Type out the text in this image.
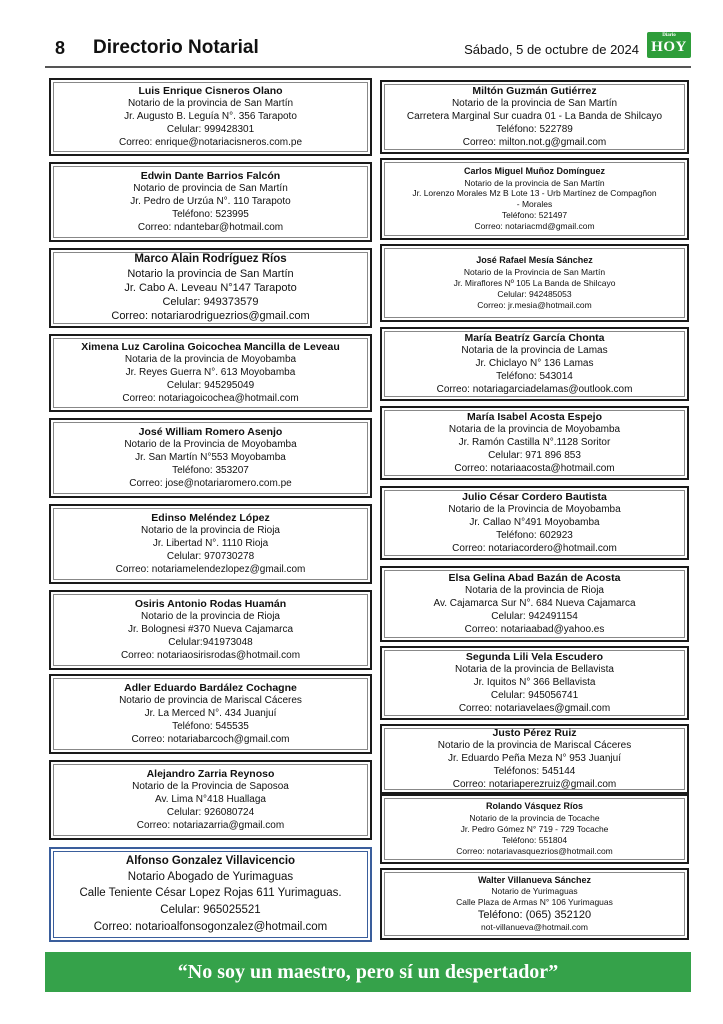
8 Directorio Notarial	Sábado, 5 de octubre de 2024
Diario
HOY
Luis Enrique Cisneros Olano
Notario de la provincia de San Martín
Jr. Augusto B. Leguía N°. 356 Tarapoto
Celular: 999428301
Correo: enrique@notariacisneros.com.pe
Edwin Dante Barrios Falcón
Notario de provincia de San Martín
Jr. Pedro de Urzúa N°. 110 Tarapoto
Teléfono: 523995
Correo: ndantebar@hotmail.com
Marco Alain Rodríguez Ríos
Notario la provincia de San Martín
Jr. Cabo A. Leveau N°147 Tarapoto
Celular: 949373579
Correo: notariarodriguezrios@gmail.com
Ximena Luz Carolina Goicochea Mancilla de Leveau
Notaria de la provincia de Moyobamba
Jr. Reyes Guerra N°. 613 Moyobamba
Celular: 945295049
Correo: notariagoicochea@hotmail.com
José William Romero Asenjo
Notario de la Provincia de Moyobamba
Jr. San Martín N°553 Moyobamba
Teléfono: 353207
Correo: jose@notariaromero.com.pe
Edinso Meléndez López
Notario de la provincia de Rioja
Jr. Libertad N°. 1110 Rioja
Celular: 970730278
Correo: notariamelendezlopez@gmail.com
Osiris Antonio Rodas Huamán
Notario de la provincia de Rioja
Jr. Bolognesi #370 Nueva Cajamarca
Celular:941973048
Correo: notariaosirisrodas@hotmail.com
Adler Eduardo Bardález Cochagne
Notario de provincia de Mariscal Cáceres
Jr. La Merced N°. 434 Juanjuí
Teléfono: 545535
Correo: notariabarcoch@gmail.com
Alejandro Zarria Reynoso
Notario de la Provincia de Saposoa
Av. Lima N°418 Huallaga
Celular: 926080724
Correo: notariazarria@gmail.com
Alfonso Gonzalez Villavicencio
Notario Abogado de Yurimaguas
Calle Teniente César Lopez Rojas 611 Yurimaguas.
Celular: 965025521
Correo: notarioalfonsogonzalez@hotmail.com
Miltón Guzmán Gutiérrez
Notario de la provincia de San Martín
Carretera Marginal Sur cuadra 01 - La Banda de Shilcayo
Teléfono: 522789
Correo: milton.not.g@gmail.com
Carlos Miguel Muñoz Domínguez
Notario de la provincia de San Martín
Jr. Lorenzo Morales Mz B Lote 13 - Urb Martínez de Compagñon
- Morales
Teléfono: 521497
Correo: notariacmd@gmail.com
José Rafael Mesía Sánchez
Notario de la Provincia de San Martín
Jr. Miraflores Nº 105 La Banda de Shilcayo
Celular: 942485053
Correo: jr.mesia@hotmail.com
María Beatríz García Chonta
Notaria de la provincia de Lamas
Jr. Chiclayo N° 136 Lamas
Teléfono: 543014
Correo: notariagarciadelamas@outlook.com
María Isabel Acosta Espejo
Notaria de la provincia de Moyobamba
Jr. Ramón Castilla N°.1128 Soritor
Celular: 971 896 853
Correo: notariaacosta@hotmail.com
Julio César Cordero Bautista
Notario de la Provincia de Moyobamba
Jr. Callao N°491 Moyobamba
Teléfono: 602923
Correo: notariacordero@hotmail.com
Elsa Gelina Abad Bazán de Acosta
Notaria de la provincia de Rioja
Av. Cajamarca Sur N°. 684 Nueva Cajamarca
Celular: 942491154
Correo: notariaabad@yahoo.es
Segunda Lili Vela Escudero
Notaria de la provincia de Bellavista
Jr. Iquitos N° 366 Bellavista
Celular: 945056741
Correo: notariavelaes@gmail.com
Justo Pérez Ruiz
Notario de la provincia de Mariscal Cáceres
Jr. Eduardo Peña Meza N° 953 Juanjuí
Teléfonos: 545144
Correo: notariaperezruiz@gmail.com
Rolando Vásquez Ríos
Notario de la provincia de Tocache
Jr. Pedro Gómez N° 719 - 729 Tocache
Teléfono: 551804
Correo: notariavasquezrios@hotmail.com
Walter Villanueva Sánchez
Notario de Yurimaguas
Calle Plaza de Armas N° 106 Yurimaguas
Teléfono: (065) 352120
not-villanueva@hotmail.com
“No soy un maestro, pero sí un despertador”
